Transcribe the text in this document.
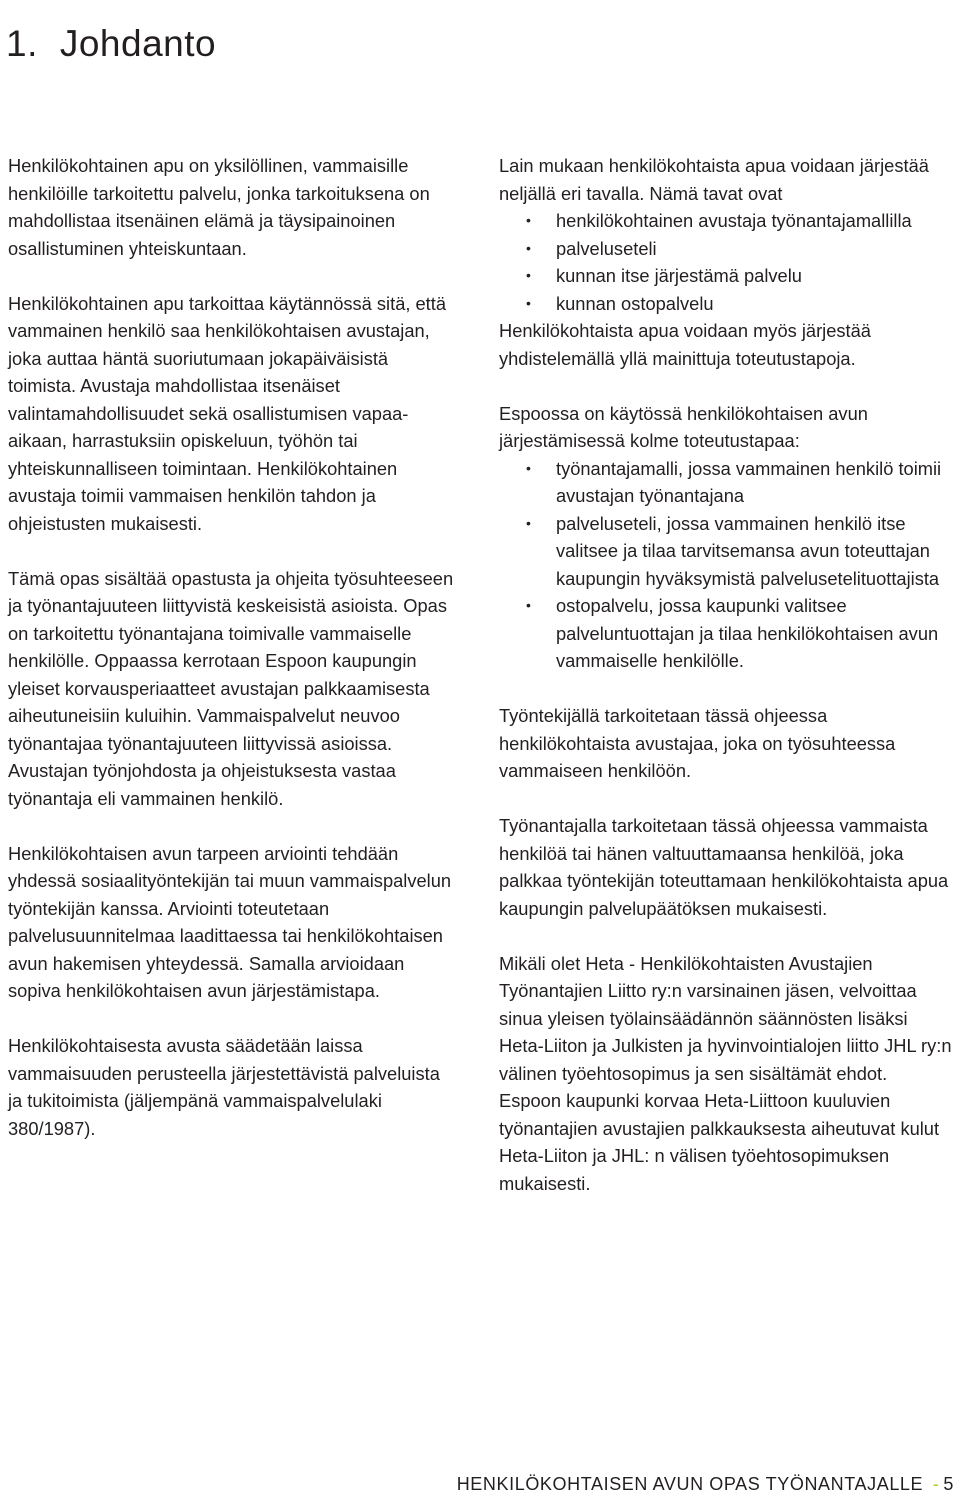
1. Johdanto

Henkilökohtainen apu on yksilöllinen, vammaisille henkilöille tarkoitettu palvelu, jonka tarkoituksena on mahdollistaa itsenäinen elämä ja täysipainoinen osallistuminen yhteiskuntaan.

Henkilökohtainen apu tarkoittaa käytännössä sitä, että vammainen henkilö saa henkilökohtaisen avustajan, joka auttaa häntä suoriutumaan jokapäiväisistä toimista. Avustaja mahdollistaa itsenäiset valintamahdollisuudet sekä osallistumisen vapaa-aikaan, harrastuksiin opiskeluun, työhön tai yhteiskunnalliseen toimintaan. Henkilökohtainen avustaja toimii vammaisen henkilön tahdon ja ohjeistusten mukaisesti.

Tämä opas sisältää opastusta ja ohjeita työsuhteeseen ja työnantajuuteen liittyvistä keskeisistä asioista. Opas on tarkoitettu työnantajana toimivalle vammaiselle henkilölle. Oppaassa kerrotaan Espoon kaupungin yleiset korvausperiaatteet avustajan palkkaamisesta aiheutuneisiin kuluihin. Vammaispalvelut neuvoo työnantajaa työnantajuuteen liittyvissä asioissa. Avustajan työnjohdosta ja ohjeistuksesta vastaa työnantaja eli vammainen henkilö.

Henkilökohtaisen avun tarpeen arviointi tehdään yhdessä sosiaalityöntekijän tai muun vammaispalvelun työntekijän kanssa. Arviointi toteutetaan palvelusuunnitelmaa laadittaessa tai henkilökohtaisen avun hakemisen yhteydessä. Samalla arvioidaan sopiva henkilökohtaisen avun järjestämistapa.

Henkilökohtaisesta avusta säädetään laissa vammaisuuden perusteella järjestettävistä palveluista ja tukitoimista (jäljempänä vammaispalvelulaki 380/1987).

Lain mukaan henkilökohtaista apua voidaan järjestää neljällä eri tavalla. Nämä tavat ovat

• henkilökohtainen avustaja työnantajamallilla
• palveluseteli
• kunnan itse järjestämä palvelu
• kunnan ostopalvelu

Henkilökohtaista apua voidaan myös järjestää yhdistelemällä yllä mainittuja toteutustapoja.

Espoossa on käytössä henkilökohtaisen avun järjestämisessä kolme toteutustapaa:

• työnantajamalli, jossa vammainen henkilö toimii avustajan työnantajana
• palveluseteli, jossa vammainen henkilö itse valitsee ja tilaa tarvitsemansa avun toteuttajan kaupungin hyväksymistä palvelusetelituottajista
• ostopalvelu, jossa kaupunki valitsee palveluntuottajan ja tilaa henkilökohtaisen avun vammaiselle henkilölle.

Työntekijällä tarkoitetaan tässä ohjeessa henkilökohtaista avustajaa, joka on työsuhteessa vammaiseen henkilöön.

Työnantajalla tarkoitetaan tässä ohjeessa vammaista henkilöä tai hänen valtuuttamaansa henkilöä, joka palkkaa työntekijän toteuttamaan henkilökohtaista apua kaupungin palvelupäätöksen mukaisesti.

Mikäli olet Heta - Henkilökohtaisten Avustajien Työnantajien Liitto ry:n varsinainen jäsen, velvoittaa sinua yleisen työlainsäädännön säännösten lisäksi Heta-Liiton ja Julkisten ja hyvinvointialojen liitto JHL ry:n välinen työehtosopimus ja sen sisältämät ehdot. Espoon kaupunki korvaa Heta-Liittoon kuuluvien työnantajien avustajien palkkauksesta aiheutuvat kulut Heta-Liiton ja JHL: n välisen työehtosopimuksen mukaisesti.

HENKILÖKOHTAISEN AVUN OPAS TYÖNANTAJALLE - 5
